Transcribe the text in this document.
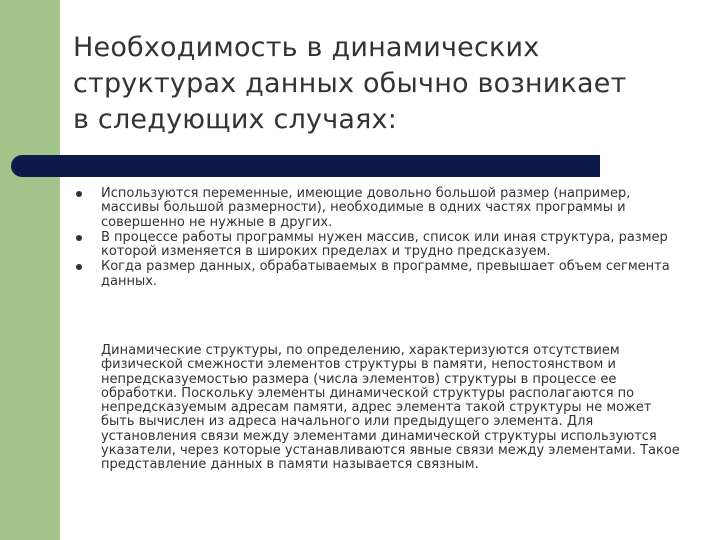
Необходимость в динамических структурах данных обычно возникает в следующих случаях:
Используются переменные, имеющие довольно большой размер (например, массивы большой размерности), необходимые в одних частях программы и совершенно не нужные в других.
В процессе работы программы нужен массив, список или иная структура, размер которой изменяется в широких пределах и трудно предсказуем.
Когда размер данных, обрабатываемых в программе, превышает объем сегмента данных.

Динамические структуры, по определению, характеризуются отсутствием физической смежности элементов структуры в памяти, непостоянством и непредсказуемостью размера (числа элементов) структуры в процессе ее обработки. Поскольку элементы динамической структуры располагаются по непредсказуемым адресам памяти, адрес элемента такой структуры не может быть вычислен из адреса начального или предыдущего элемента. Для установления связи между элементами динамической структуры используются указатели, через которые устанавливаются явные связи между элементами. Такое представление данных в памяти называется связным.
